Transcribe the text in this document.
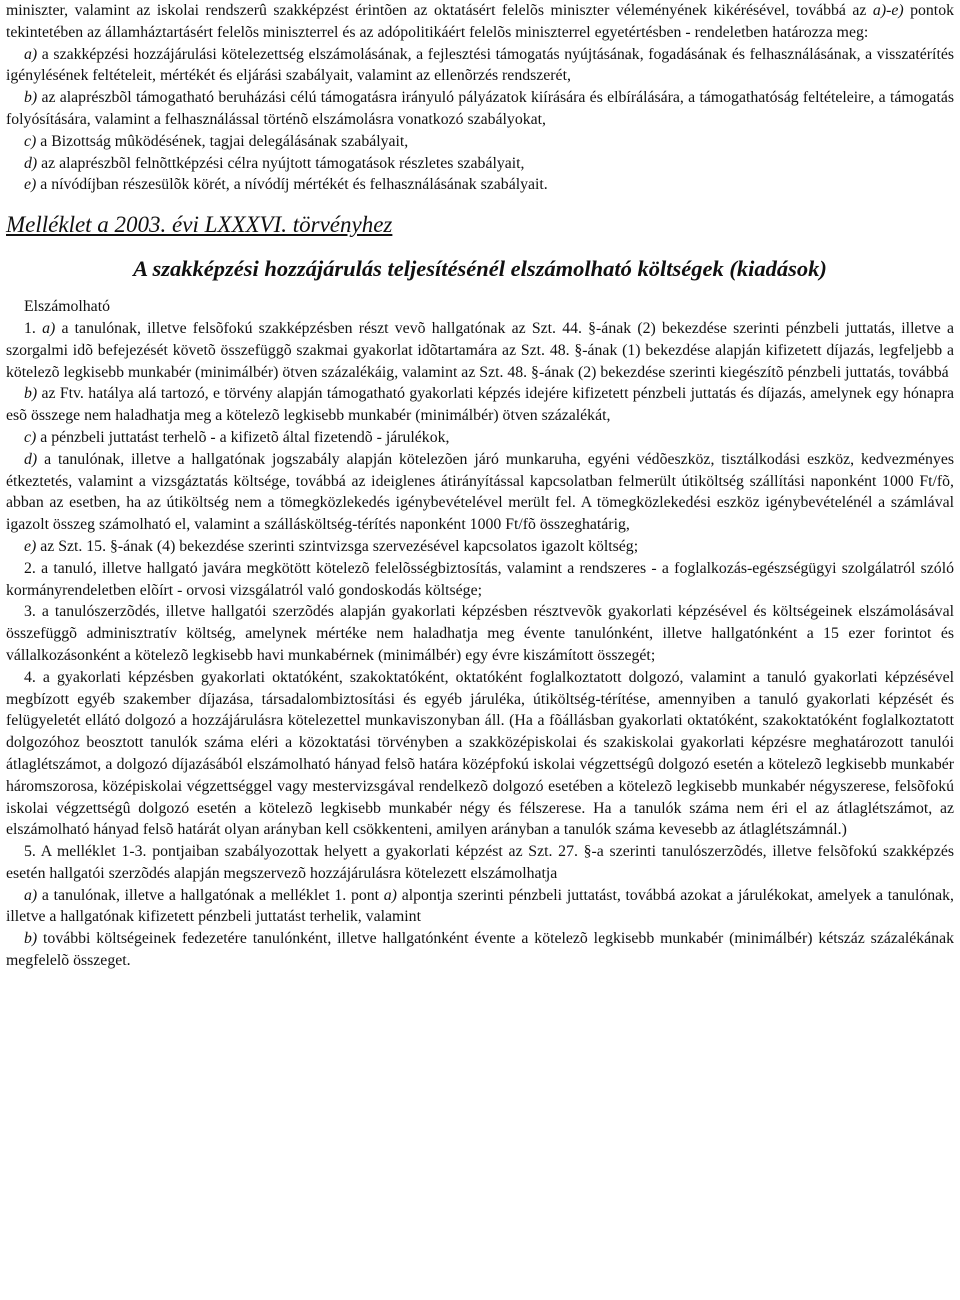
miniszter, valamint az iskolai rendszerû szakképzést érintõen az oktatásért felelõs miniszter véleményének kikérésével, továbbá az a)-e) pontok tekintetében az államháztartásért felelõs miniszterrel és az adópolitikáért felelõs miniszterrel egyetértésben - rendeletben határozza meg:

a) a szakképzési hozzájárulási kötelezettség elszámolásának, a fejlesztési támogatás nyújtásának, fogadásának és felhasználásának, a visszatérítés igénylésének feltételeit, mértékét és eljárási szabályait, valamint az ellenõrzés rendszerét,

b) az alaprészbõl támogatható beruházási célú támogatásra irányuló pályázatok kiírására és elbírálására, a támogathatóság feltételeire, a támogatás folyósítására, valamint a felhasználással történõ elszámolásra vonatkozó szabályokat,

c) a Bizottság mûködésének, tagjai delegálásának szabályait,

d) az alaprészbõl felnõttképzési célra nyújtott támogatások részletes szabályait,

e) a nívódíjban részesülõk körét, a nívódíj mértékét és felhasználásának szabályait.

Melléklet a 2003. évi LXXXVI. törvényhez
A szakképzési hozzájárulás teljesítésénél elszámolható költségek (kiadások)

Elszámolható

1. a) a tanulónak, illetve felsõfokú szakképzésben részt vevõ hallgatónak az Szt. 44. §-ának (2) bekezdése szerinti pénzbeli juttatás, illetve a szorgalmi idõ befejezését követõ összefüggõ szakmai gyakorlat idõtartamára az Szt. 48. §-ának (1) bekezdése alapján kifizetett díjazás, legfeljebb a kötelezõ legkisebb munkabér (minimálbér) ötven százalékáig, valamint az Szt. 48. §-ának (2) bekezdése szerinti kiegészítõ pénzbeli juttatás, továbbá

b) az Ftv. hatálya alá tartozó, e törvény alapján támogatható gyakorlati képzés idejére kifizetett pénzbeli juttatás és díjazás, amelynek egy hónapra esõ összege nem haladhatja meg a kötelezõ legkisebb munkabér (minimálbér) ötven százalékát,

c) a pénzbeli juttatást terhelõ - a kifizetõ által fizetendõ - járulékok,

d) a tanulónak, illetve a hallgatónak jogszabály alapján kötelezõen járó munkaruha, egyéni védõeszköz, tisztálkodási eszköz, kedvezményes étkeztetés, valamint a vizsgáztatás költsége, továbbá az ideiglenes átirányítással kapcsolatban felmerült útiköltség szállítási naponként 1000 Ft/fõ, abban az esetben, ha az útiköltség nem a tömegközlekedés igénybevételével merült fel. A tömegközlekedési eszköz igénybevételénél a számlával igazolt összeg számolható el, valamint a szállásköltség-térítés naponként 1000 Ft/fõ összeghatárig,

e) az Szt. 15. §-ának (4) bekezdése szerinti szintvizsga szervezésével kapcsolatos igazolt költség;

2. a tanuló, illetve hallgató javára megkötött kötelezõ felelõsségbiztosítás, valamint a rendszeres - a foglalkozás-egészségügyi szolgálatról szóló kormányrendeletben elõírt - orvosi vizsgálatról való gondoskodás költsége;

3. a tanulószerzõdés, illetve hallgatói szerzõdés alapján gyakorlati képzésben résztvevõk gyakorlati képzésével és költségeinek elszámolásával összefüggõ adminisztratív költség, amelynek mértéke nem haladhatja meg évente tanulónként, illetve hallgatónként a 15 ezer forintot és vállalkozásonként a kötelezõ legkisebb havi munkabérnek (minimálbér) egy évre kiszámított összegét;

4. a gyakorlati képzésben gyakorlati oktatóként, szakoktatóként, oktatóként foglalkoztatott dolgozó, valamint a tanuló gyakorlati képzésével megbízott egyéb szakember díjazása, társadalombiztosítási és egyéb járuléka, útiköltség-térítése, amennyiben a tanuló gyakorlati képzését és felügyeletét ellátó dolgozó a hozzájárulásra kötelezettel munkaviszonyban áll. (Ha a fõállásban gyakorlati oktatóként, szakoktatóként foglalkoztatott dolgozóhoz beosztott tanulók száma eléri a közoktatási törvényben a szakközépiskolai és szakiskolai gyakorlati képzésre meghatározott tanulói átlaglétszámot, a dolgozó díjazásából elszámolható hányad felsõ határa középfokú iskolai végzettségû dolgozó esetén a kötelezõ legkisebb munkabér háromszorosa, középiskolai végzettséggel vagy mestervizsgával rendelkezõ dolgozó esetében a kötelezõ legkisebb munkabér négyszerese, felsõfokú iskolai végzettségû dolgozó esetén a kötelezõ legkisebb munkabér négy és félszerese. Ha a tanulók száma nem éri el az átlaglétszámot, az elszámolható hányad felsõ határát olyan arányban kell csökkenteni, amilyen arányban a tanulók száma kevesebb az átlaglétszámnál.)

5. A melléklet 1-3. pontjaiban szabályozottak helyett a gyakorlati képzést az Szt. 27. §-a szerinti tanulószerzõdés, illetve felsõfokú szakképzés esetén hallgatói szerzõdés alapján megszervezõ hozzájárulásra kötelezett elszámolhatja

a) a tanulónak, illetve a hallgatónak a melléklet 1. pont a) alpontja szerinti pénzbeli juttatást, továbbá azokat a járulékokat, amelyek a tanulónak, illetve a hallgatónak kifizetett pénzbeli juttatást terhelik, valamint

b) további költségeinek fedezetére tanulónként, illetve hallgatónként évente a kötelezõ legkisebb munkabér (minimálbér) kétszáz százalékának megfelelõ összeget.
